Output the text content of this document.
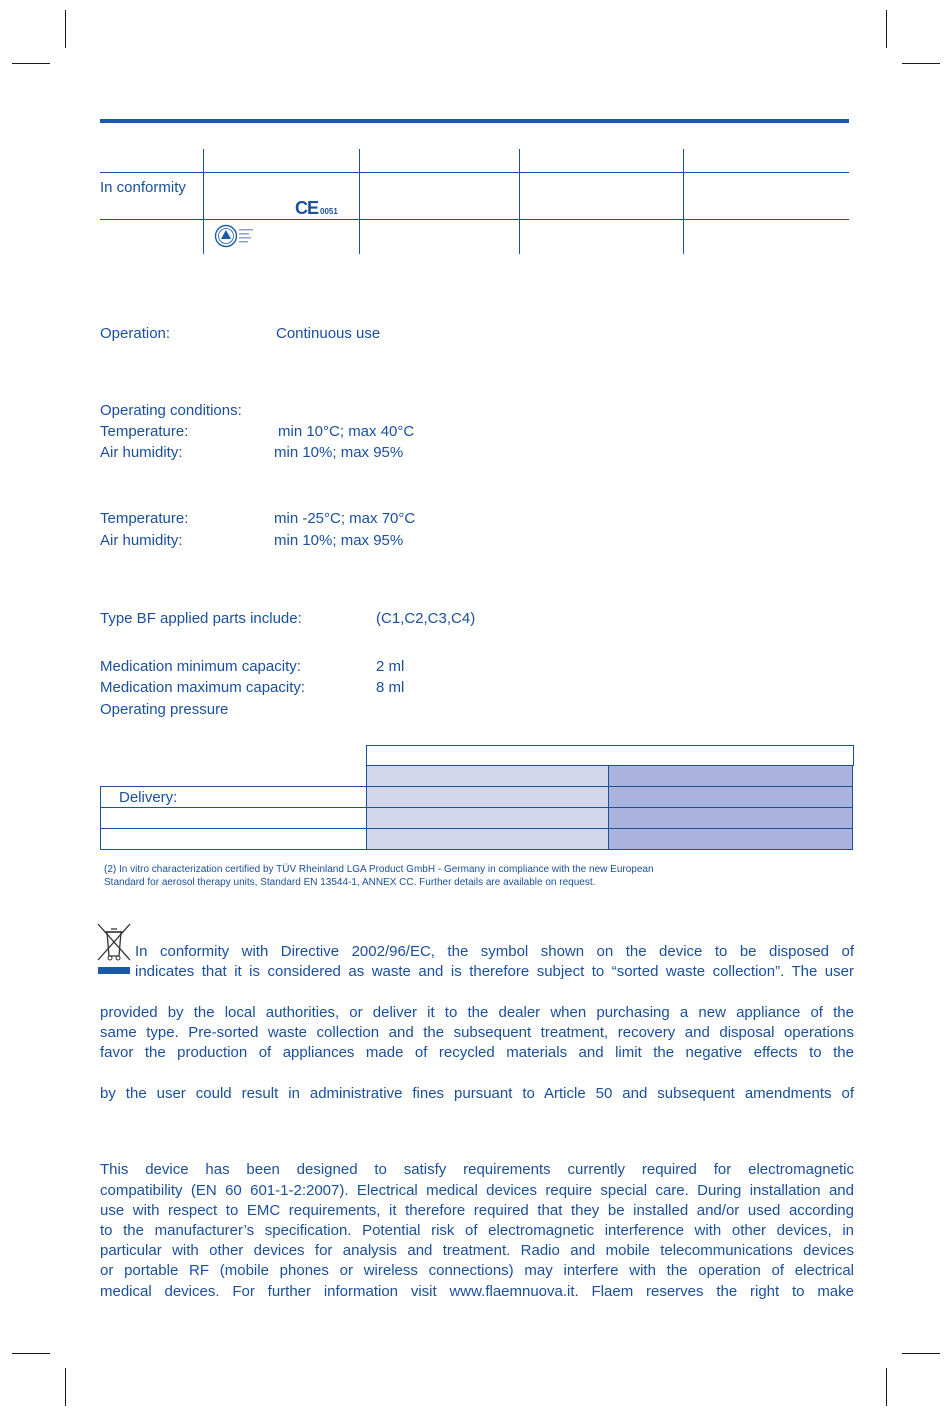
In conformity
CE 0051
Operation:	Continuous use
Operating conditions:
Temperature:	min 10°C; max 40°C
Air humidity:	min 10%; max 95%
Temperature:	min -25°C; max 70°C
Air humidity:	min 10%; max 95%
Type BF applied parts include:	(C1,C2,C3,C4)
Medication minimum capacity:	2 ml
Medication maximum capacity:	8 ml
Operating pressure

Delivery:		

(2) In vitro characterization certified by TÜV Rheinland LGA Product GmbH - Germany in compliance with the new European
Standard for aerosol therapy units, Standard EN 13544-1, ANNEX CC. Further details are available on request.
In conformity with Directive 2002/96/EC, the symbol shown on the device to be disposed of
indicates that it is considered as waste and is therefore subject to “sorted waste collection”. The user
provided by the local authorities, or deliver it to the dealer when purchasing a new appliance of the
same type. Pre-sorted waste collection and the subsequent treatment, recovery and disposal operations
favor the production of appliances made of recycled materials and limit the negative effects to the
by the user could result in administrative fines pursuant to Article 50 and subsequent amendments of
This device has been designed to satisfy requirements currently required for electromagnetic
compatibility (EN 60 601-1-2:2007). Electrical medical devices require special care. During installation and
use with respect to EMC requirements, it therefore required that they be installed and/or used according
to the manufacturer’s specification. Potential risk of electromagnetic interference with other devices, in
particular with other devices for analysis and treatment. Radio and mobile telecommunications devices
or portable RF (mobile phones or wireless connections) may interfere with the operation of electrical
medical devices. For further information visit www.flaemnuova.it. Flaem reserves the right to make
